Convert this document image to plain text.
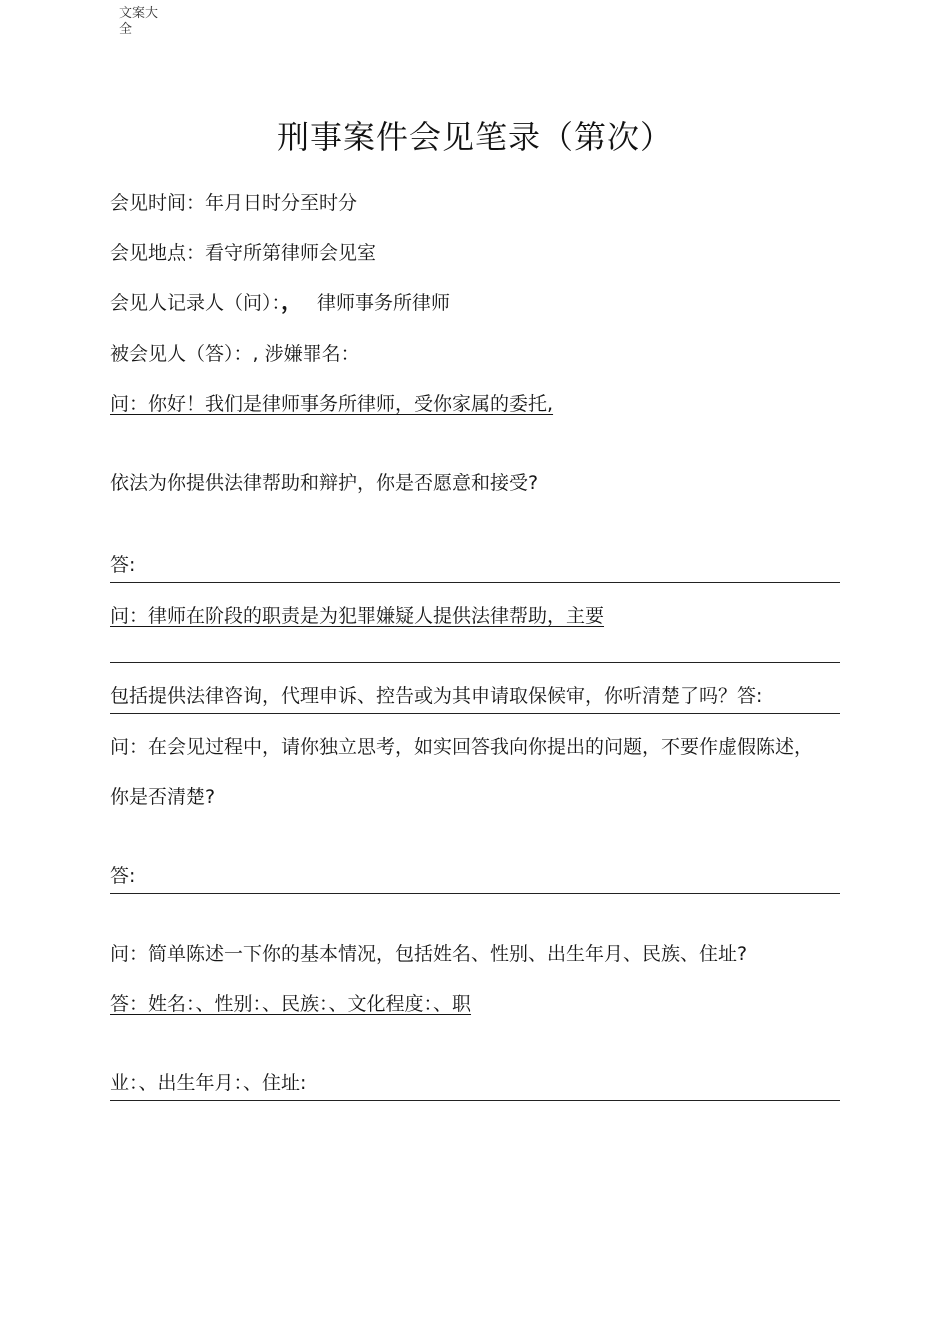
文案大全
刑事案件会见笔录（第次）
会见时间：年月日时分至时分
会见地点：看守所第律师会见室
会见人记录人（问）：， 律师事务所律师
被会见人（答）：, 涉嫌罪名：
问：你好！我们是律师事务所律师，受你家属的委托,
依法为你提供法律帮助和辩护，你是否愿意和接受?
答:
问：律师在阶段的职责是为犯罪嫌疑人提供法律帮助，主要
包括提供法律咨询，代理申诉、控告或为其申请取保候审，你听清楚了吗？答:
问：在会见过程中，请你独立思考，如实回答我向你提出的问题，不要作虚假陈述，
你是否清楚?
答:
问：简单陈述一下你的基本情况，包括姓名、性别、出生年月、民族、住址?
答：姓名：、性别：、民族：、文化程度：、职
业：、出生年月：、住址:
